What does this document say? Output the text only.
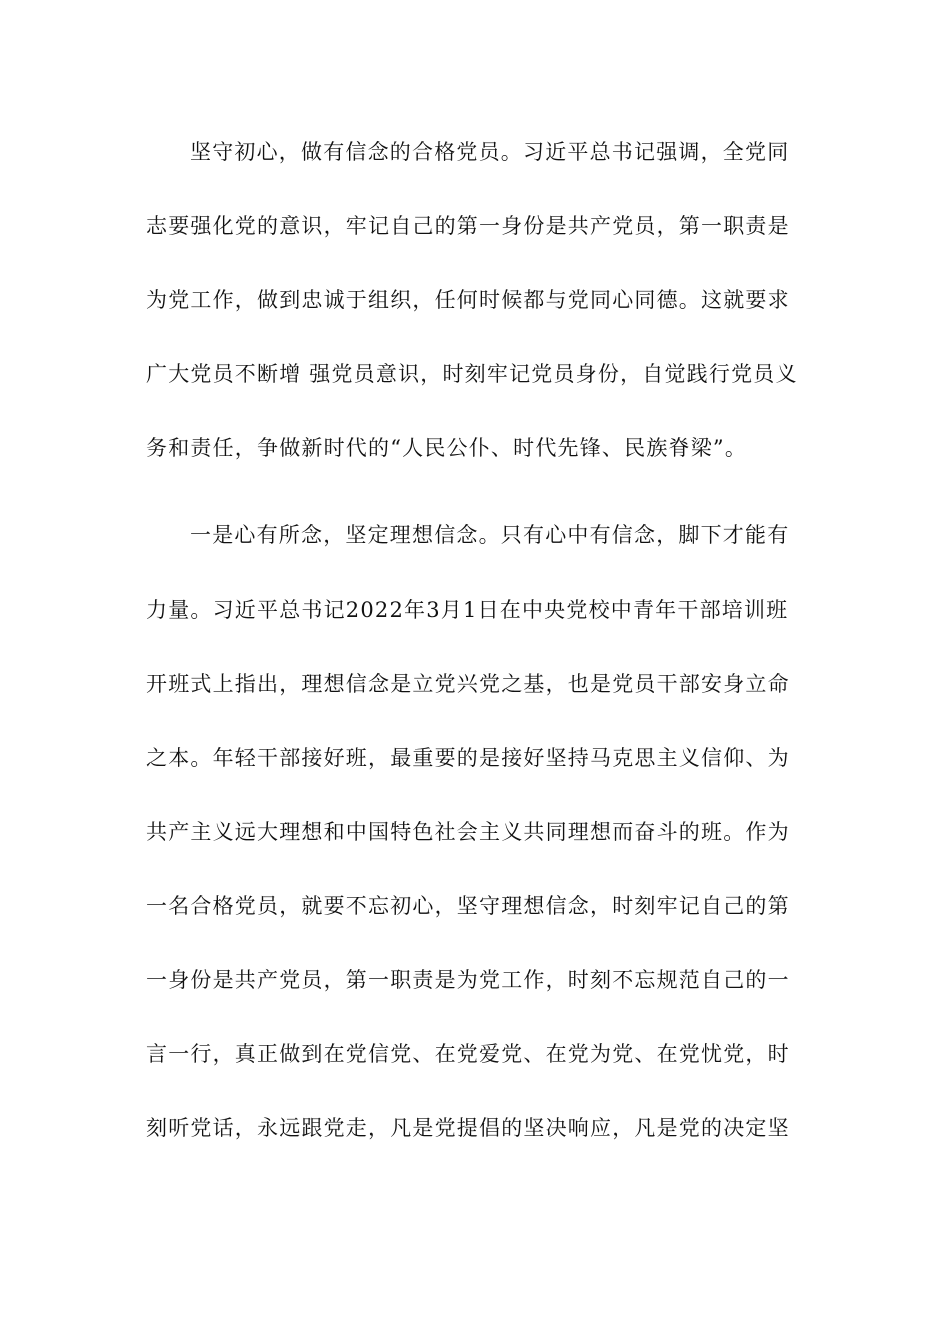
坚守初心，做有信念的合格党员。习近平总书记强调，全党同
志要强化党的意识，牢记自己的第一身份是共产党员，第一职责是
为党工作，做到忠诚于组织，任何时候都与党同心同德。这就要求
广大党员不断增 强党员意识，时刻牢记党员身份，自觉践行党员义
务和责任，争做新时代的“人民公仆、时代先锋、民族脊梁”。
一是心有所念，坚定理想信念。只有心中有信念，脚下才能有
力量。习近平总书记2022年3月1日在中央党校中青年干部培训班
开班式上指出，理想信念是立党兴党之基，也是党员干部安身立命
之本。年轻干部接好班，最重要的是接好坚持马克思主义信仰、为
共产主义远大理想和中国特色社会主义共同理想而奋斗的班。作为
一名合格党员，就要不忘初心，坚守理想信念，时刻牢记自己的第
一身份是共产党员，第一职责是为党工作，时刻不忘规范自己的一
言一行，真正做到在党信党、在党爱党、在党为党、在党忧党，时
刻听党话，永远跟党走，凡是党提倡的坚决响应，凡是党的决定坚
